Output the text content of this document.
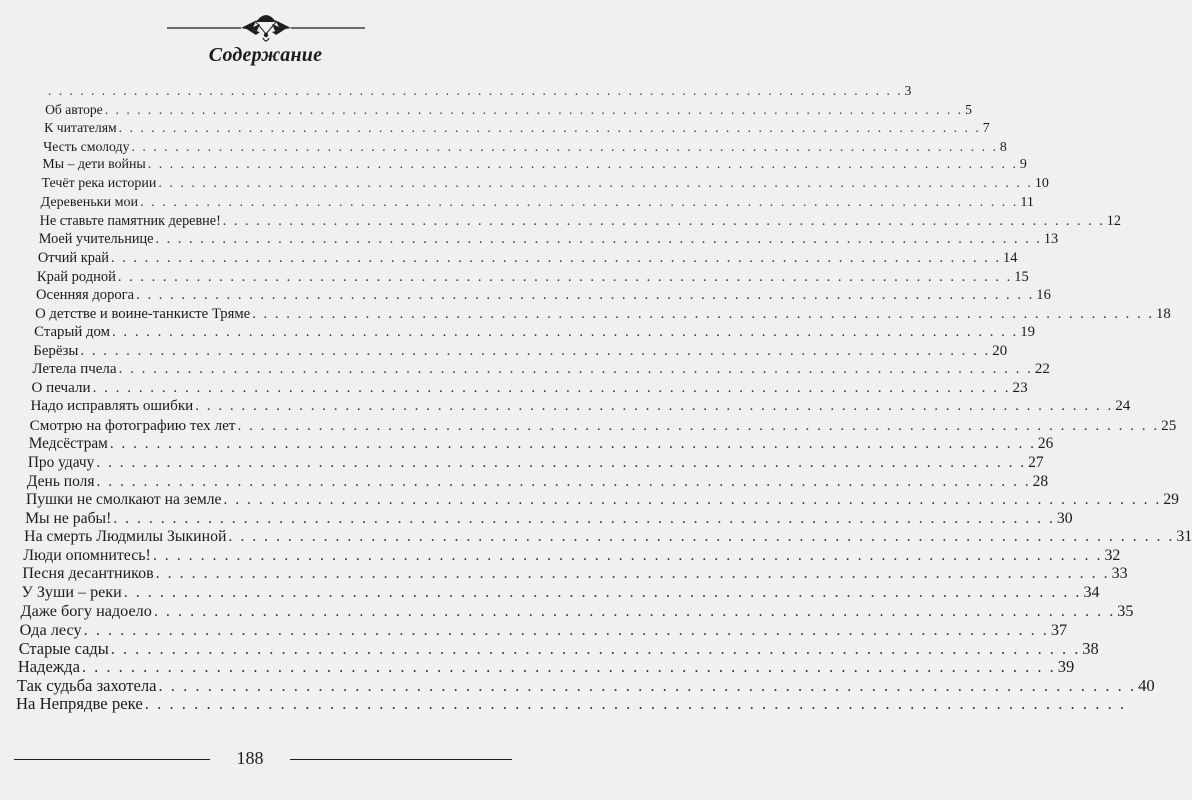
Содержание
. . . . . . . . . . . . . . . . . . . . . . . . . . . . . . . . . . . . . . . . . . . . . . . . . . . . . . . . . . . . . . . . . . . . . . . . . . . . . . . . 3
Об авторе . . . . . . . . . . . . . . . . . . . . . . . . . . . . . . . . . . . . . . . . . . . . . . . . . . . . . . . . . . . . . . . . . . . . . . . . . . . . . . . . 5
К читателям . . . . . . . . . . . . . . . . . . . . . . . . . . . . . . . . . . . . . . . . . . . . . . . . . . . . . . . . . . . . . . . . . . . . . . . . . . . . . . . . 7
Честь смолоду . . . . . . . . . . . . . . . . . . . . . . . . . . . . . . . . . . . . . . . . . . . . . . . . . . . . . . . . . . . . . . . . . . . . . . . . . . . . . . . . 8
Мы – дети войны . . . . . . . . . . . . . . . . . . . . . . . . . . . . . . . . . . . . . . . . . . . . . . . . . . . . . . . . . . . . . . . . . . . . . . . . . . . . . . . . 9
Течёт река истории . . . . . . . . . . . . . . . . . . . . . . . . . . . . . . . . . . . . . . . . . . . . . . . . . . . . . . . . . . . . . . . . . . . . . . . . . . . . . . . . 10
Деревеньки мои . . . . . . . . . . . . . . . . . . . . . . . . . . . . . . . . . . . . . . . . . . . . . . . . . . . . . . . . . . . . . . . . . . . . . . . . . . . . . . . . 11
Не ставьте памятник деревне! . . . . . . . . . . . . . . . . . . . . . . . . . . . . . . . . . . . . . . . . . . . . . . . . . . . . . . . . . . . . . . . . . . . . . . . . . . . . . . . . 12
Моей учительнице . . . . . . . . . . . . . . . . . . . . . . . . . . . . . . . . . . . . . . . . . . . . . . . . . . . . . . . . . . . . . . . . . . . . . . . . . . . . . . . . 13
Отчий край . . . . . . . . . . . . . . . . . . . . . . . . . . . . . . . . . . . . . . . . . . . . . . . . . . . . . . . . . . . . . . . . . . . . . . . . . . . . . . . . 14
Край родной . . . . . . . . . . . . . . . . . . . . . . . . . . . . . . . . . . . . . . . . . . . . . . . . . . . . . . . . . . . . . . . . . . . . . . . . . . . . . . . . 15
Осенняя дорога . . . . . . . . . . . . . . . . . . . . . . . . . . . . . . . . . . . . . . . . . . . . . . . . . . . . . . . . . . . . . . . . . . . . . . . . . . . . . . . . 16
О детстве и воине-танкисте Тряме . . . . . . . . . . . . . . . . . . . . . . . . . . . . . . . . . . . . . . . . . . . . . . . . . . . . . . . . . . . . . . . . . . . . . . . . . . . . . . . . 18
Старый дом . . . . . . . . . . . . . . . . . . . . . . . . . . . . . . . . . . . . . . . . . . . . . . . . . . . . . . . . . . . . . . . . . . . . . . . . . . . . . . . . 19
Берёзы . . . . . . . . . . . . . . . . . . . . . . . . . . . . . . . . . . . . . . . . . . . . . . . . . . . . . . . . . . . . . . . . . . . . . . . . . . . . . . . . 20
Летела пчела . . . . . . . . . . . . . . . . . . . . . . . . . . . . . . . . . . . . . . . . . . . . . . . . . . . . . . . . . . . . . . . . . . . . . . . . . . . . . . . . 22
О печали . . . . . . . . . . . . . . . . . . . . . . . . . . . . . . . . . . . . . . . . . . . . . . . . . . . . . . . . . . . . . . . . . . . . . . . . . . . . . . . . 23
Надо исправлять ошибки . . . . . . . . . . . . . . . . . . . . . . . . . . . . . . . . . . . . . . . . . . . . . . . . . . . . . . . . . . . . . . . . . . . . . . . . . . . . . . . . 24
Смотрю на фотографию тех лет . . . . . . . . . . . . . . . . . . . . . . . . . . . . . . . . . . . . . . . . . . . . . . . . . . . . . . . . . . . . . . . . . . . . . . . . . . . . . . . . 25
Медсёстрам . . . . . . . . . . . . . . . . . . . . . . . . . . . . . . . . . . . . . . . . . . . . . . . . . . . . . . . . . . . . . . . . . . . . . . . . . . . . . . . . 26
Про удачу . . . . . . . . . . . . . . . . . . . . . . . . . . . . . . . . . . . . . . . . . . . . . . . . . . . . . . . . . . . . . . . . . . . . . . . . . . . . . . . . 27
День поля . . . . . . . . . . . . . . . . . . . . . . . . . . . . . . . . . . . . . . . . . . . . . . . . . . . . . . . . . . . . . . . . . . . . . . . . . . . . . . . . 28
Пушки не смолкают на земле . . . . . . . . . . . . . . . . . . . . . . . . . . . . . . . . . . . . . . . . . . . . . . . . . . . . . . . . . . . . . . . . . . . . . . . . . . . . . . . . 29
Мы не рабы! . . . . . . . . . . . . . . . . . . . . . . . . . . . . . . . . . . . . . . . . . . . . . . . . . . . . . . . . . . . . . . . . . . . . . . . . . . . . . . . . 30
На смерть Людмилы Зыкиной . . . . . . . . . . . . . . . . . . . . . . . . . . . . . . . . . . . . . . . . . . . . . . . . . . . . . . . . . . . . . . . . . . . . . . . . . . . . . . . . 31
Люди опомнитесь! . . . . . . . . . . . . . . . . . . . . . . . . . . . . . . . . . . . . . . . . . . . . . . . . . . . . . . . . . . . . . . . . . . . . . . . . . . . . . . . . 32
Песня десантников . . . . . . . . . . . . . . . . . . . . . . . . . . . . . . . . . . . . . . . . . . . . . . . . . . . . . . . . . . . . . . . . . . . . . . . . . . . . . . . . 33
У Зуши – реки . . . . . . . . . . . . . . . . . . . . . . . . . . . . . . . . . . . . . . . . . . . . . . . . . . . . . . . . . . . . . . . . . . . . . . . . . . . . . . . . 34
Даже богу надоело . . . . . . . . . . . . . . . . . . . . . . . . . . . . . . . . . . . . . . . . . . . . . . . . . . . . . . . . . . . . . . . . . . . . . . . . . . . . . . . . 35
Ода лесу . . . . . . . . . . . . . . . . . . . . . . . . . . . . . . . . . . . . . . . . . . . . . . . . . . . . . . . . . . . . . . . . . . . . . . . . . . . . . . . . 37
Старые сады . . . . . . . . . . . . . . . . . . . . . . . . . . . . . . . . . . . . . . . . . . . . . . . . . . . . . . . . . . . . . . . . . . . . . . . . . . . . . . . . 38
Надежда . . . . . . . . . . . . . . . . . . . . . . . . . . . . . . . . . . . . . . . . . . . . . . . . . . . . . . . . . . . . . . . . . . . . . . . . . . . . . . . . 39
Так судьба захотела . . . . . . . . . . . . . . . . . . . . . . . . . . . . . . . . . . . . . . . . . . . . . . . . . . . . . . . . . . . . . . . . . . . . . . . . . . . . . . . . 40
На Непрядве реке . . . . . . . . . . . . . . . . . . . . . . . . . . . . . . . . . . . . . . . . . . . . . . . . . . . . . . . . . . . . . . . . . . . . . . . . . . . . . . . .
188
